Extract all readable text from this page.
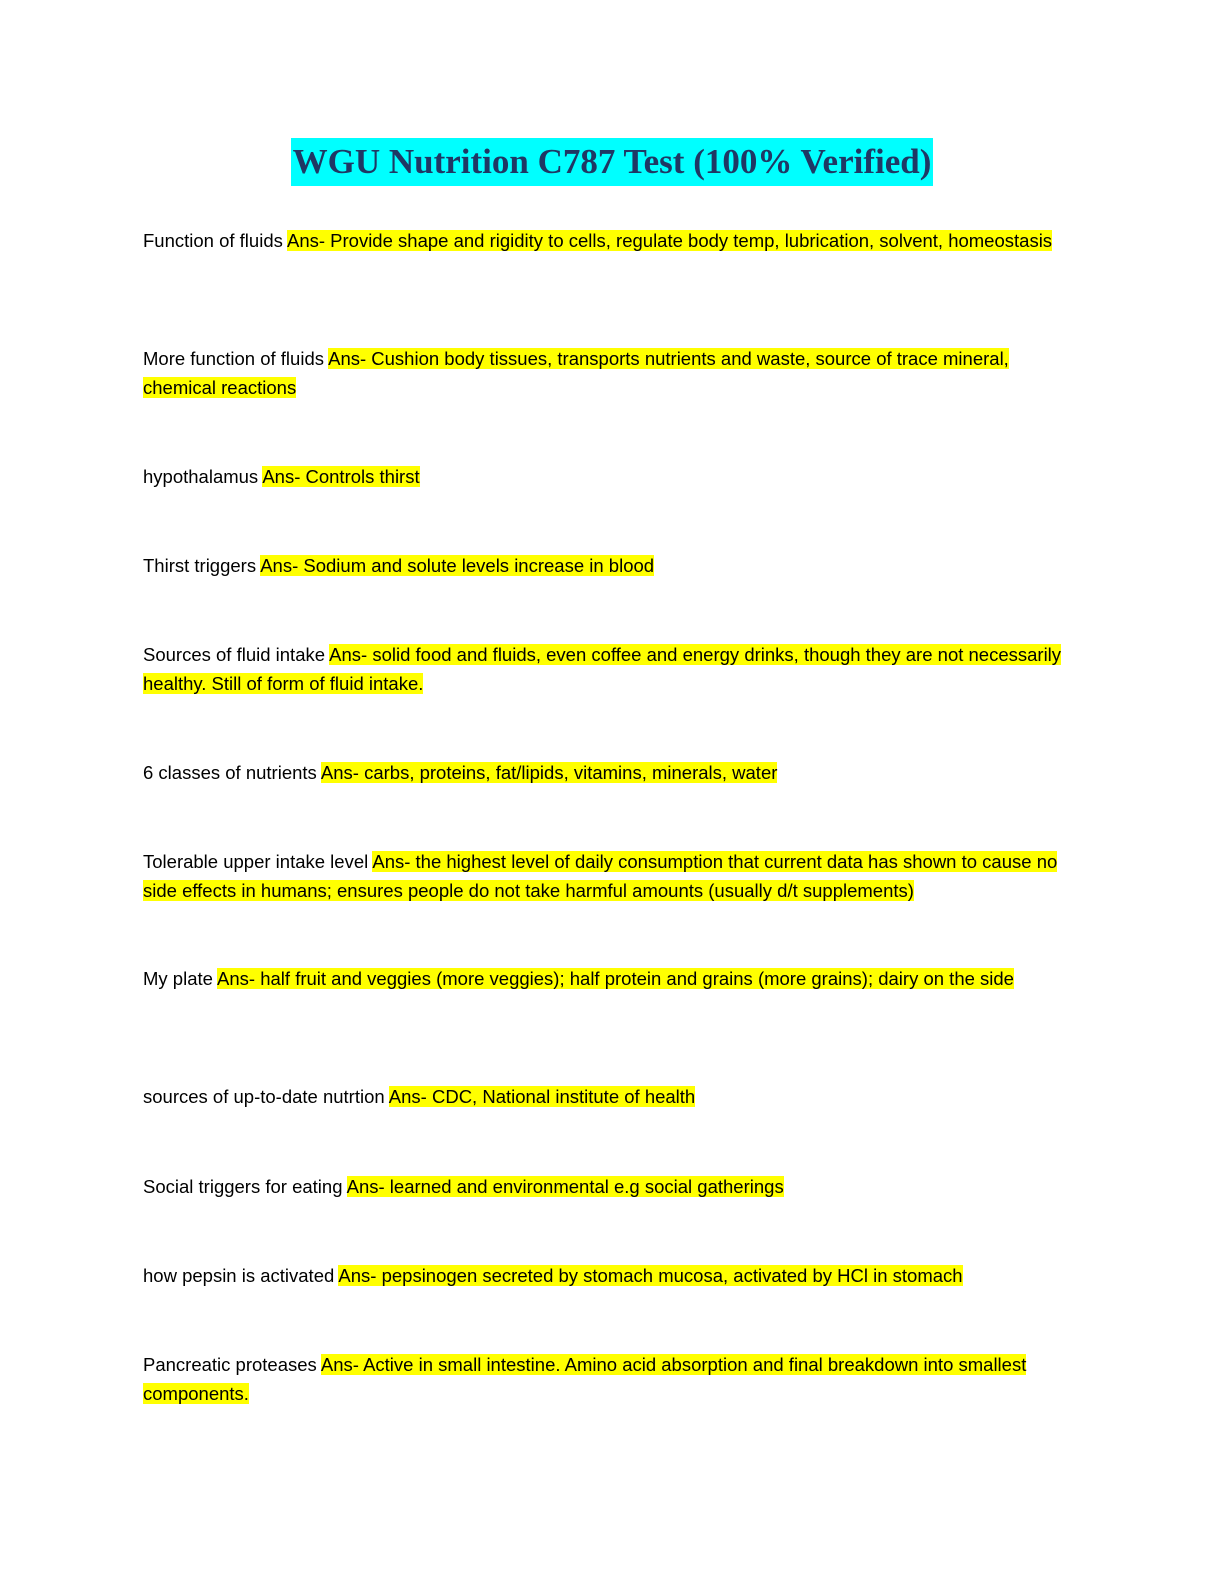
WGU Nutrition C787 Test (100% Verified)

Function of fluids Ans- Provide shape and rigidity to cells, regulate body temp, lubrication, solvent, homeostasis

More function of fluids Ans- Cushion body tissues, transports nutrients and waste, source of trace mineral, chemical reactions

hypothalamus Ans- Controls thirst

Thirst triggers Ans- Sodium and solute levels increase in blood

Sources of fluid intake Ans- solid food and fluids, even coffee and energy drinks, though they are not necessarily healthy. Still of form of fluid intake.

6 classes of nutrients Ans- carbs, proteins, fat/lipids, vitamins, minerals, water

Tolerable upper intake level Ans- the highest level of daily consumption that current data has shown to cause no side effects in humans; ensures people do not take harmful amounts (usually d/t supplements)

My plate Ans- half fruit and veggies (more veggies); half protein and grains (more grains); dairy on the side

sources of up-to-date nutrtion Ans- CDC, National institute of health

Social triggers for eating Ans- learned and environmental e.g social gatherings

how pepsin is activated Ans- pepsinogen secreted by stomach mucosa, activated by HCl in stomach

Pancreatic proteases Ans- Active in small intestine. Amino acid absorption and final breakdown into smallest components.
